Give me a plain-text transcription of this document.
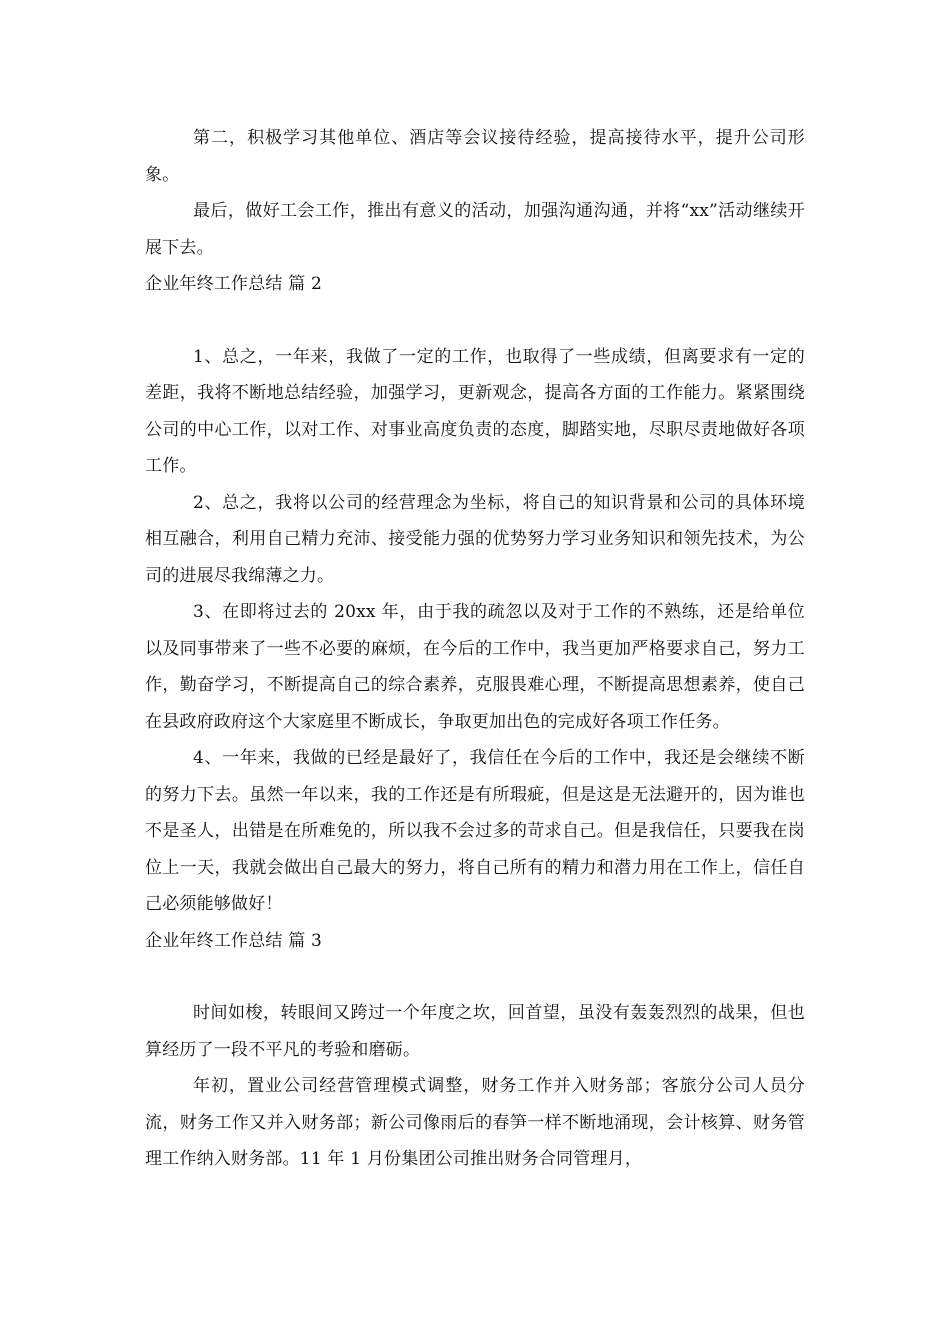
第二，积极学习其他单位、酒店等会议接待经验，提高接待水平，提升公司形象。

最后，做好工会工作，推出有意义的活动，加强沟通沟通，并将“xx”活动继续开展下去。

企业年终工作总结 篇 2

1、总之，一年来，我做了一定的工作，也取得了一些成绩，但离要求有一定的差距，我将不断地总结经验，加强学习，更新观念，提高各方面的工作能力。紧紧围绕公司的中心工作，以对工作、对事业高度负责的态度，脚踏实地，尽职尽责地做好各项工作。

2、总之，我将以公司的经营理念为坐标，将自己的知识背景和公司的具体环境相互融合，利用自己精力充沛、接受能力强的优势努力学习业务知识和领先技术，为公司的进展尽我绵薄之力。

3、在即将过去的 20xx 年，由于我的疏忽以及对于工作的不熟练，还是给单位以及同事带来了一些不必要的麻烦，在今后的工作中，我当更加严格要求自己，努力工作，勤奋学习，不断提高自己的综合素养，克服畏难心理，不断提高思想素养，使自己在县政府政府这个大家庭里不断成长，争取更加出色的完成好各项工作任务。

4、一年来，我做的已经是最好了，我信任在今后的工作中，我还是会继续不断的努力下去。虽然一年以来，我的工作还是有所瑕疵，但是这是无法避开的，因为谁也不是圣人，出错是在所难免的，所以我不会过多的苛求自己。但是我信任，只要我在岗位上一天，我就会做出自己最大的努力，将自己所有的精力和潜力用在工作上，信任自己必须能够做好！

企业年终工作总结 篇 3

时间如梭，转眼间又跨过一个年度之坎，回首望，虽没有轰轰烈烈的战果，但也算经历了一段不平凡的考验和磨砺。

年初，置业公司经营管理模式调整，财务工作并入财务部；客旅分公司人员分流，财务工作又并入财务部；新公司像雨后的春笋一样不断地涌现，会计核算、财务管理工作纳入财务部。11 年 1 月份集团公司推出财务合同管理月，
